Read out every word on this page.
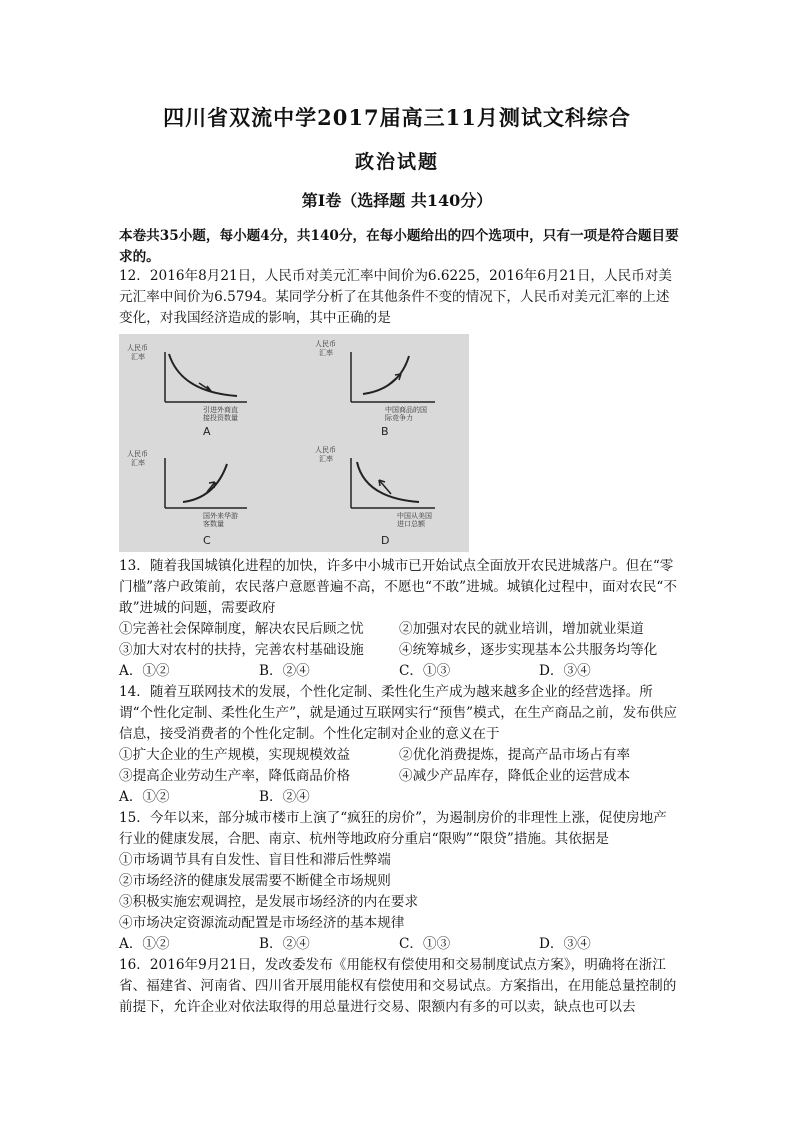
四川省双流中学2017届高三11月测试文科综合
政治试题
第Ⅰ卷（选择题 共140分）
本卷共35小题，每小题4分，共140分，在每小题给出的四个选项中，只有一项是符合题目要求的。
12．2016年8月21日，人民币对美元汇率中间价为6.6225，2016年6月21日，人民币对美元汇率中间价为6.5794。某同学分析了在其他条件不变的情况下，人民币对美元汇率的上述变化，对我国经济造成的影响，其中正确的是
人民币
汇率
引进外商直
接投资数量
A
人民币
汇率
中国商品的国
际竞争力
B
人民币
汇率
国外来华游
客数量
C
人民币
汇率
中国从美国
进口总额
D
13．随着我国城镇化进程的加快，许多中小城市已开始试点全面放开农民进城落户。但在“零门槛”落户政策前，农民落户意愿普遍不高，不愿也“不敢”进城。城镇化过程中，面对农民“不敢”进城的问题，需要政府
①完善社会保障制度，解决农民后顾之忧	②加强对农民的就业培训，增加就业渠道
③加大对农村的扶持，完善农村基础设施	④统筹城乡，逐步实现基本公共服务均等化
A．①②	B．②④	C．①③	D．③④
14．随着互联网技术的发展，个性化定制、柔性化生产成为越来越多企业的经营选择。所谓“个性化定制、柔性化生产”，就是通过互联网实行“预售”模式，在生产商品之前，发布供应信息，接受消费者的个性化定制。个性化定制对企业的意义在于
①扩大企业的生产规模，实现规模效益	②优化消费提炼，提高产品市场占有率
③提高企业劳动生产率，降低商品价格	④减少产品库存，降低企业的运营成本
A．①②	B．②④
15．今年以来，部分城市楼市上演了“疯狂的房价”，为遏制房价的非理性上涨，促使房地产行业的健康发展，合肥、南京、杭州等地政府分重启“限购”“限贷”措施。其依据是
①市场调节具有自发性、盲目性和滞后性弊端
②市场经济的健康发展需要不断健全市场规则
③积极实施宏观调控，是发展市场经济的内在要求
④市场决定资源流动配置是市场经济的基本规律
A．①②	B．②④	C．①③	D．③④
16．2016年9月21日，发改委发布《用能权有偿使用和交易制度试点方案》，明确将在浙江省、福建省、河南省、四川省开展用能权有偿使用和交易试点。方案指出，在用能总量控制的前提下，允许企业对依法取得的用总量进行交易、限额内有多的可以卖，缺点也可以去
